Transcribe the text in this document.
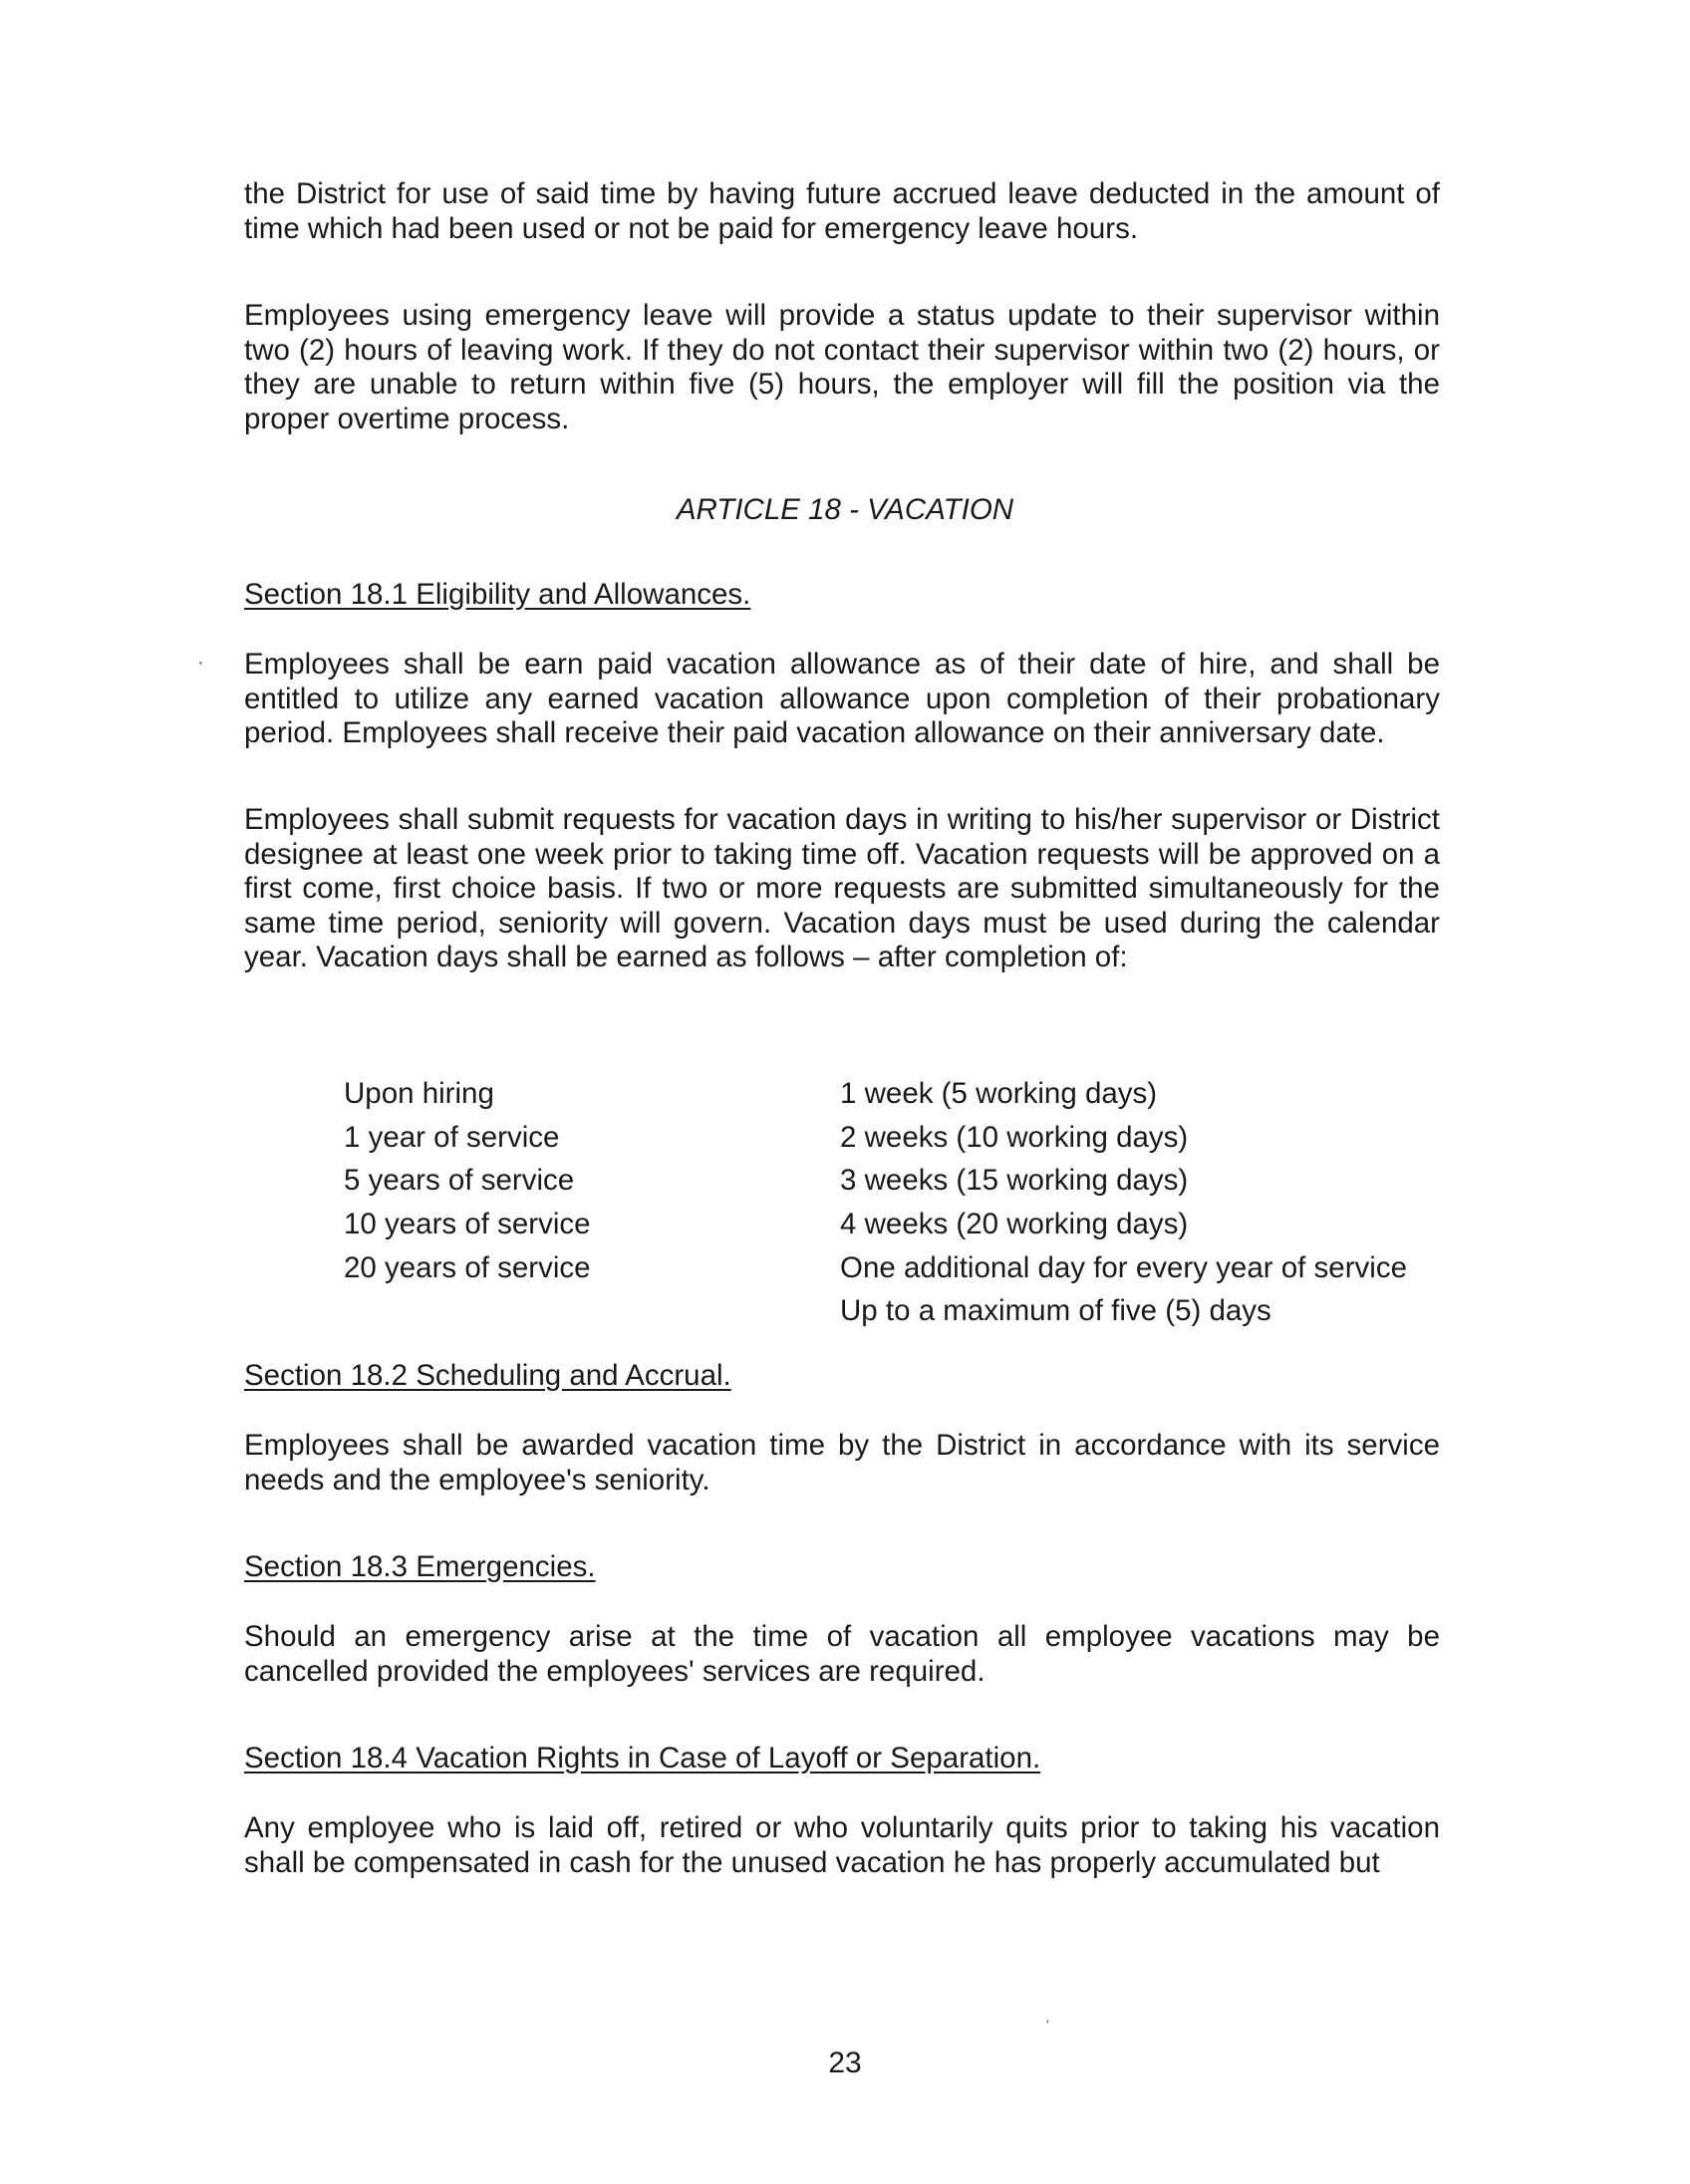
the District for use of said time by having future accrued leave deducted in the amount of time which had been used or not be paid for emergency leave hours.

Employees using emergency leave will provide a status update to their supervisor within two (2) hours of leaving work. If they do not contact their supervisor within two (2) hours, or they are unable to return within five (5) hours, the employer will fill the position via the proper overtime process.

ARTICLE 18 - VACATION

Section 18.1 Eligibility and Allowances.

· Employees shall be earn paid vacation allowance as of their date of hire, and shall be entitled to utilize any earned vacation allowance upon completion of their probationary period. Employees shall receive their paid vacation allowance on their anniversary date.

Employees shall submit requests for vacation days in writing to his/her supervisor or District designee at least one week prior to taking time off. Vacation requests will be approved on a first come, first choice basis. If two or more requests are submitted simultaneously for the same time period, seniority will govern. Vacation days must be used during the calendar year. Vacation days shall be earned as follows – after completion of:

Upon hiring	1 week (5 working days)
1 year of service	2 weeks (10 working days)
5 years of service	3 weeks (15 working days)
10 years of service	4 weeks (20 working days)
20 years of service	One additional day for every year of service
	Up to a maximum of five (5) days

Section 18.2 Scheduling and Accrual.

Employees shall be awarded vacation time by the District in accordance with its service needs and the employee's seniority.

Section 18.3 Emergencies.

Should an emergency arise at the time of vacation all employee vacations may be cancelled provided the employees' services are required.

Section 18.4 Vacation Rights in Case of Layoff or Separation.

Any employee who is laid off, retired or who voluntarily quits prior to taking his vacation shall be compensated in cash for the unused vacation he has properly accumulated but

'

23
